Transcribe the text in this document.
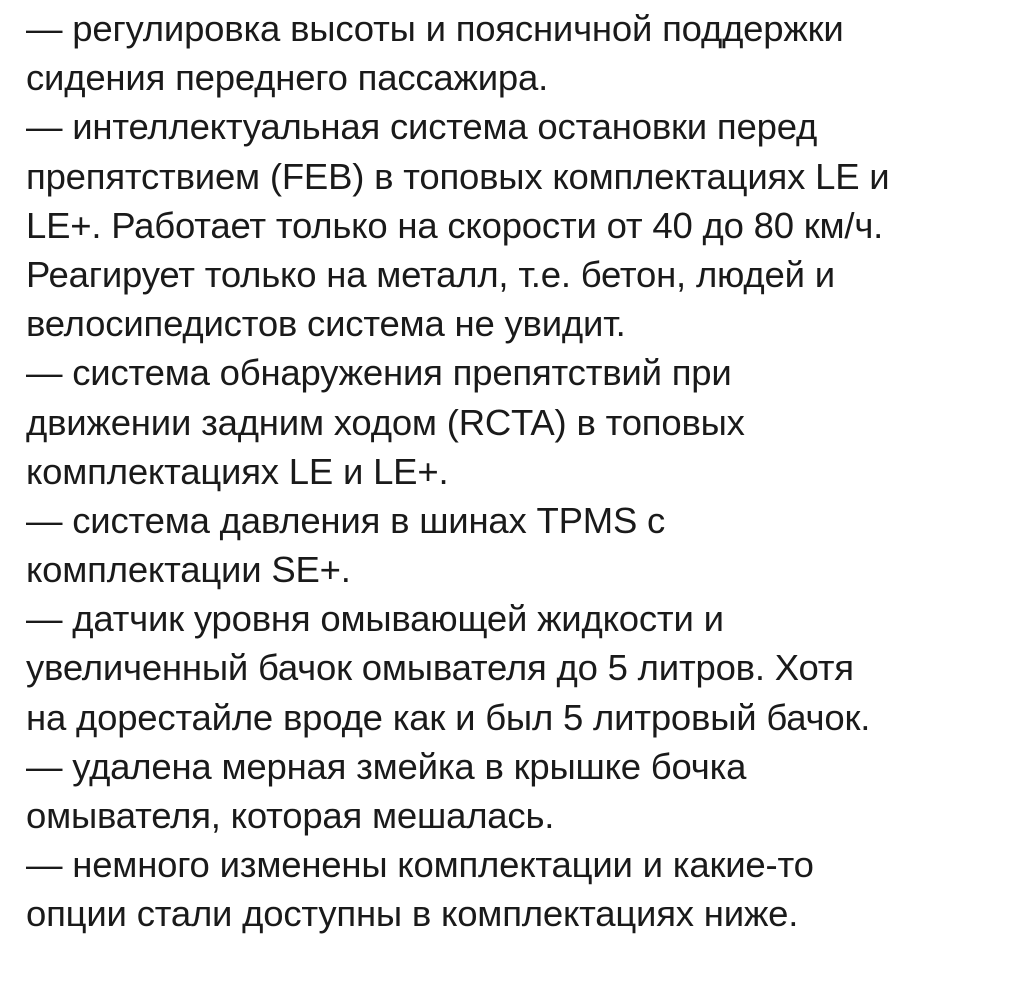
— регулировка высоты и поясничной поддержки
сидения переднего пассажира.
— интеллектуальная система остановки перед
препятствием (FEB) в топовых комплектациях LE и
LE+. Работает только на скорости от 40 до 80 км/ч.
Реагирует только на металл, т.е. бетон, людей и
велосипедистов система не увидит.
— система обнаружения препятствий при
движении задним ходом (RCTA) в топовых
комплектациях LE и LE+.
— система давления в шинах TPMS с
комплектации SE+.
— датчик уровня омывающей жидкости и
увеличенный бачок омывателя до 5 литров. Хотя
на дорестайле вроде как и был 5 литровый бачок.
— удалена мерная змейка в крышке бочка
омывателя, которая мешалась.
— немного изменены комплектации и какие-то
опции стали доступны в комплектациях ниже.
